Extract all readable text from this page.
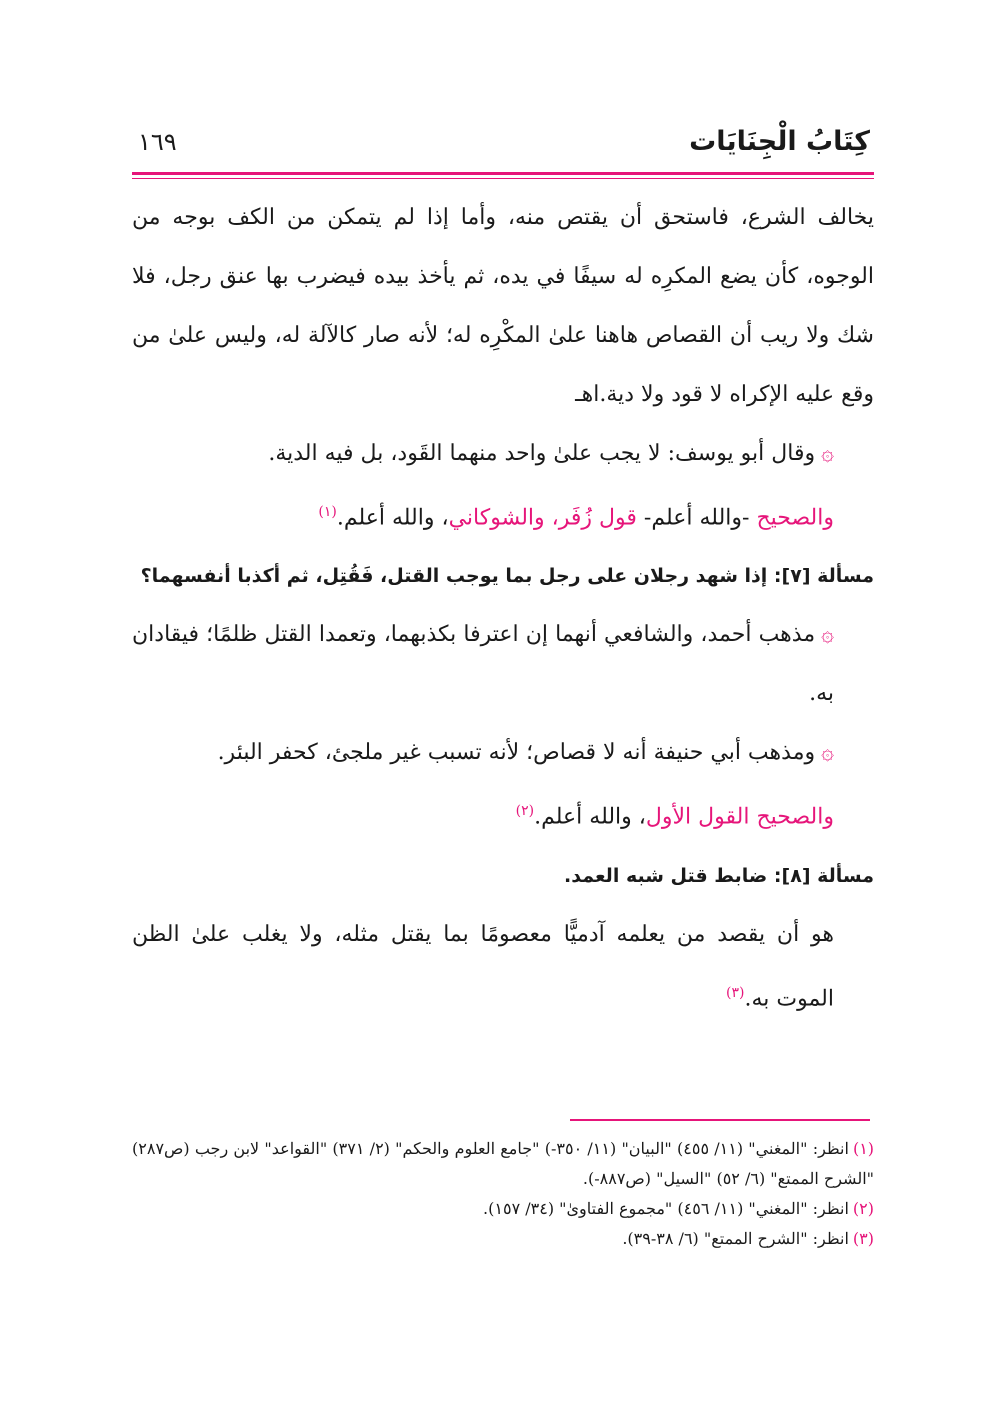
كِتَابُ الْجِنَايَات
١٦٩

يخالف الشرع، فاستحق أن يقتص منه، وأما إذا لم يتمكن من الكف بوجه من الوجوه، كأن يضع المكرِه له سيفًا في يده، ثم يأخذ بيده فيضرب بها عنق رجل، فلا شك ولا ريب أن القصاص هاهنا علىٰ المكْرِه له؛ لأنه صار كالآلة له، وليس علىٰ من وقع عليه الإكراه لا قود ولا دية.اهـ

۞وقال أبو يوسف: لا يجب علىٰ واحد منهما القَود، بل فيه الدية.

والصحيح -والله أعلم- قول زُفَر، والشوكاني، والله أعلم.$^{(١)}$

مسألة [٧]: إذا شهد رجلان على رجل بما يوجب القتل، فَقُتِل، ثم أكذبا أنفسهما؟

۞مذهب أحمد، والشافعي أنهما إن اعترفا بكذبهما، وتعمدا القتل ظلمًا؛ فيقادان به.

۞ومذهب أبي حنيفة أنه لا قصاص؛ لأنه تسبب غير ملجئ، كحفر البئر.

والصحيح القول الأول، والله أعلم.$^{(٢)}$

مسألة [٨]: ضابط قتل شبه العمد.

هو أن يقصد من يعلمه آدميًّا معصومًا بما يقتل مثله، ولا يغلب علىٰ الظن الموت به.$^{(٣)}$

(١)انظر: "المغني" (١١/ ٤٥٥) "البيان" (١١/ ٣٥٠-) "جامع العلوم والحكم" (٢/ ٣٧١) "القواعد" لابن رجب (ص٢٨٧) "الشرح الممتع" (٦/ ٥٢) "السيل" (ص٨٨٧-).

(٢)انظر: "المغني" (١١/ ٤٥٦) "مجموع الفتاوىٰ" (٣٤/ ١٥٧).

(٣)انظر: "الشرح الممتع" (٦/ ٣٨-٣٩).
